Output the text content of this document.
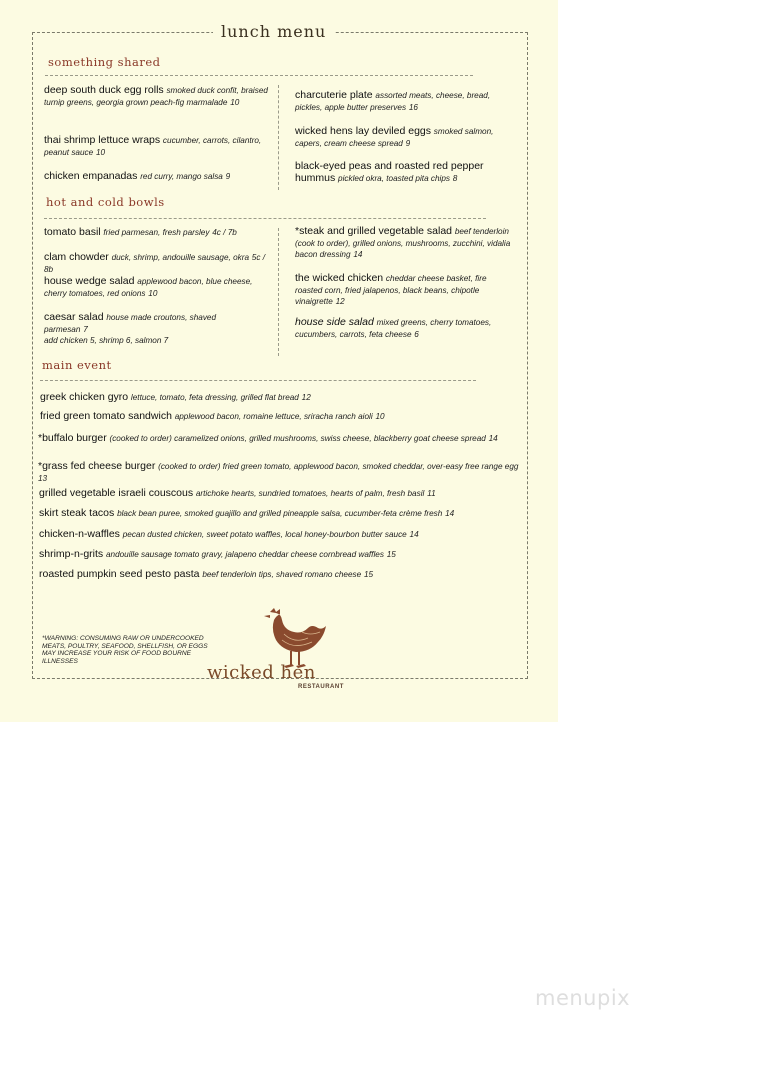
lunch menu
something shared
deep south duck egg rolls smoked duck confit, braised turnip greens, georgia grown peach-fig marmalade 10
thai shrimp lettuce wraps cucumber, carrots, cilantro, peanut sauce 10
chicken empanadas red curry, mango salsa 9
charcuterie plate assorted meats, cheese, bread, pickles, apple butter preserves 16
wicked hens lay deviled eggs smoked salmon, capers, cream cheese spread 9
black-eyed peas and roasted red pepper hummus pickled okra, toasted pita chips 8
hot and cold bowls
tomato basil fried parmesan, fresh parsley 4c / 7b
clam chowder duck, shrimp, andouille sausage, okra 5c / 8b
house wedge salad applewood bacon, blue cheese, cherry tomatoes, red onions 10
caesar salad house made croutons, shaved parmesan 7
add chicken 5, shrimp 6, salmon 7
*steak and grilled vegetable salad beef tenderloin (cook to order), grilled onions, mushrooms, zucchini, vidalia bacon dressing 14
the wicked chicken cheddar cheese basket, fire roasted corn, fried jalapenos, black beans, chipotle vinaigrette 12
house side salad mixed greens, cherry tomatoes, cucumbers, carrots, feta cheese 6
main event
greek chicken gyro lettuce, tomato, feta dressing, grilled flat bread 12
fried green tomato sandwich applewood bacon, romaine lettuce, sriracha ranch aioli 10
*buffalo burger (cooked to order) caramelized onions, grilled mushrooms, swiss cheese, blackberry goat cheese spread 14
*grass fed cheese burger (cooked to order) fried green tomato, applewood bacon, smoked cheddar, over-easy free range egg 13
grilled vegetable israeli couscous artichoke hearts, sundried tomatoes, hearts of palm, fresh basil 11
skirt steak tacos black bean puree, smoked guajillo and grilled pineapple salsa, cucumber-feta crème fresh 14
chicken-n-waffles pecan dusted chicken, sweet potato waffles, local honey-bourbon butter sauce 14
shrimp-n-grits andouille sausage tomato gravy, jalapeno cheddar cheese cornbread waffles 15
roasted pumpkin seed pesto pasta beef tenderloin tips, shaved romano cheese 15
*WARNING: CONSUMING RAW OR UNDERCOOKED MEATS, POULTRY, SEAFOOD, SHELLFISH, OR EGGS MAY INCREASE YOUR RISK OF FOOD BOURNE ILLNESSES
wicked hen
RESTAURANT
menupix
